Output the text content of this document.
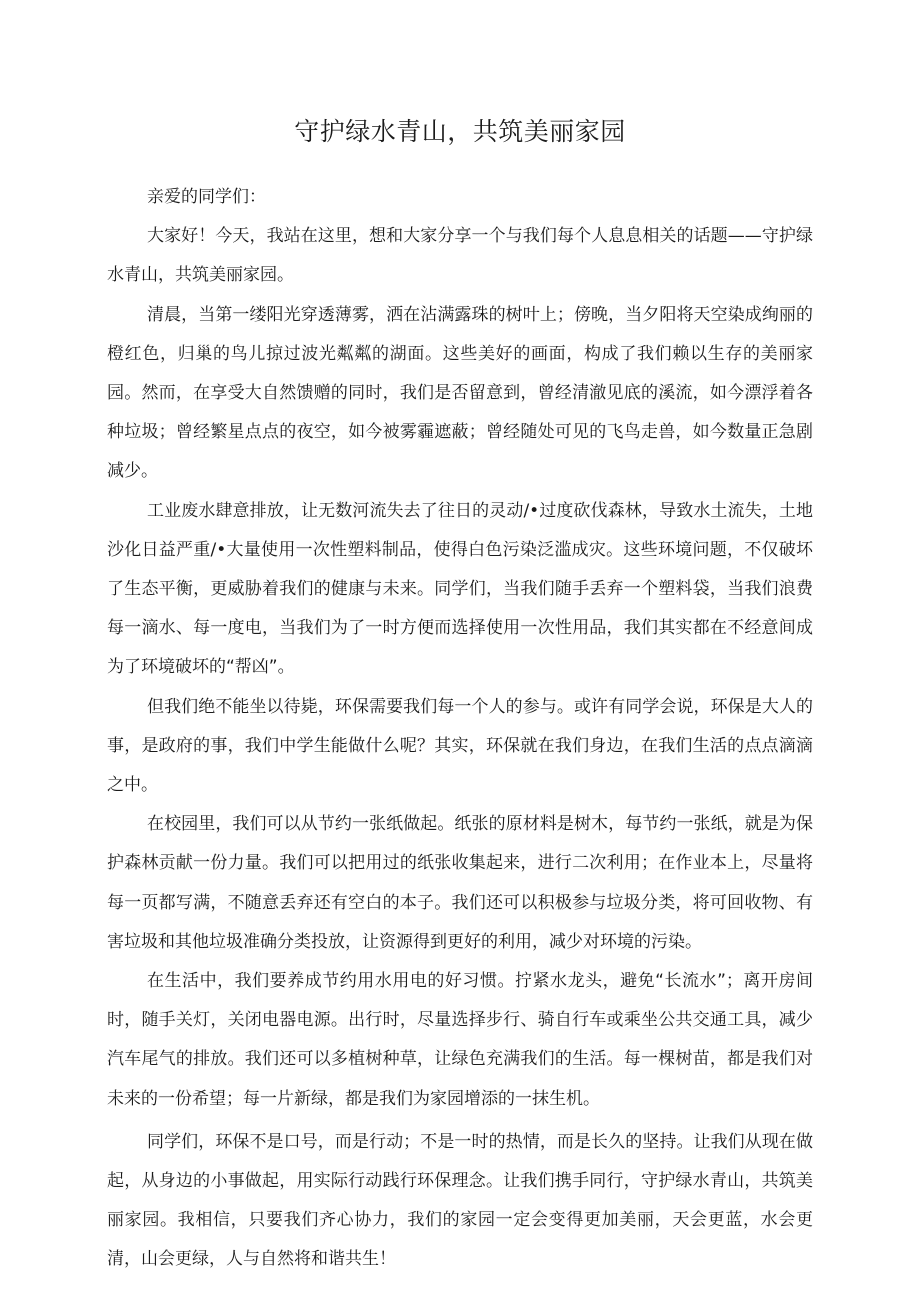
守护绿水青山，共筑美丽家园

亲爱的同学们：

大家好！今天，我站在这里，想和大家分享一个与我们每个人息息相关的话题——守护绿水青山，共筑美丽家园。

清晨，当第一缕阳光穿透薄雾，洒在沾满露珠的树叶上；傍晚，当夕阳将天空染成绚丽的橙红色，归巢的鸟儿掠过波光粼粼的湖面。这些美好的画面，构成了我们赖以生存的美丽家园。然而，在享受大自然馈赠的同时，我们是否留意到，曾经清澈见底的溪流，如今漂浮着各种垃圾；曾经繁星点点的夜空，如今被雾霾遮蔽；曾经随处可见的飞鸟走兽，如今数量正急剧减少。

工业废水肆意排放，让无数河流失去了往日的灵动/•过度砍伐森林，导致水土流失，土地沙化日益严重/•大量使用一次性塑料制品，使得白色污染泛滥成灾。这些环境问题，不仅破坏了生态平衡，更威胁着我们的健康与未来。同学们，当我们随手丢弃一个塑料袋，当我们浪费每一滴水、每一度电，当我们为了一时方便而选择使用一次性用品，我们其实都在不经意间成为了环境破坏的“帮凶”。

但我们绝不能坐以待毙，环保需要我们每一个人的参与。或许有同学会说，环保是大人的事，是政府的事，我们中学生能做什么呢？其实，环保就在我们身边，在我们生活的点点滴滴之中。

在校园里，我们可以从节约一张纸做起。纸张的原材料是树木，每节约一张纸，就是为保护森林贡献一份力量。我们可以把用过的纸张收集起来，进行二次利用；在作业本上，尽量将每一页都写满，不随意丢弃还有空白的本子。我们还可以积极参与垃圾分类，将可回收物、有害垃圾和其他垃圾准确分类投放，让资源得到更好的利用，减少对环境的污染。

在生活中，我们要养成节约用水用电的好习惯。拧紧水龙头，避免“长流水”；离开房间时，随手关灯，关闭电器电源。出行时，尽量选择步行、骑自行车或乘坐公共交通工具，减少汽车尾气的排放。我们还可以多植树种草，让绿色充满我们的生活。每一棵树苗，都是我们对未来的一份希望；每一片新绿，都是我们为家园增添的一抹生机。

同学们，环保不是口号，而是行动；不是一时的热情，而是长久的坚持。让我们从现在做起，从身边的小事做起，用实际行动践行环保理念。让我们携手同行，守护绿水青山，共筑美丽家园。我相信，只要我们齐心协力，我们的家园一定会变得更加美丽，天会更蓝，水会更清，山会更绿，人与自然将和谐共生！
